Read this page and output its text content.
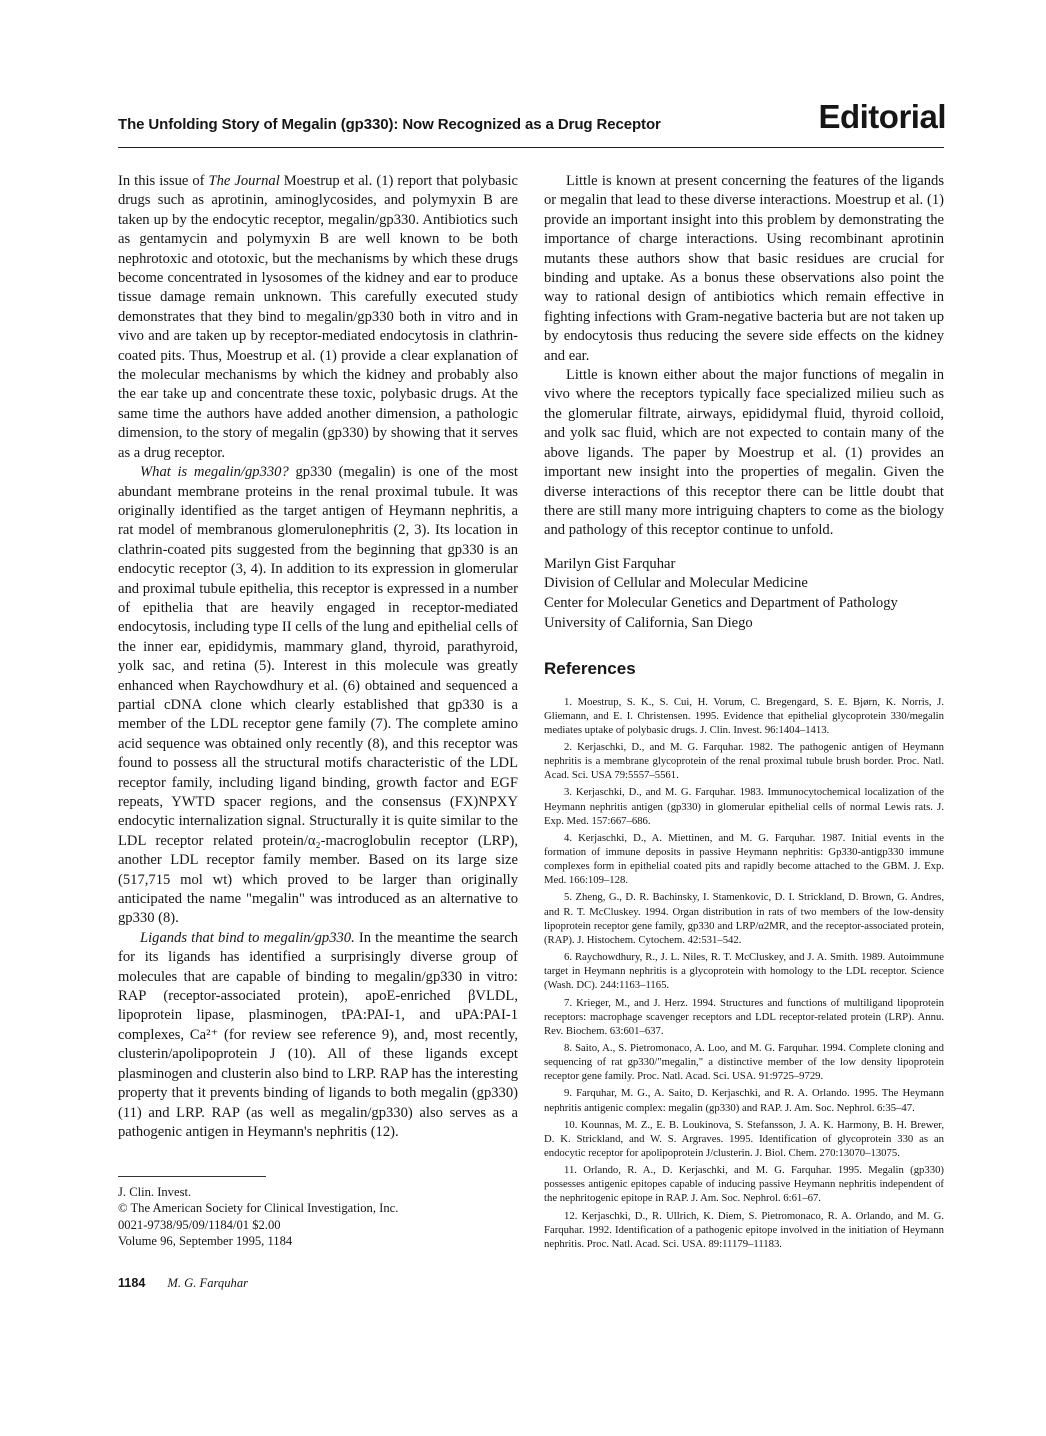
The Unfolding Story of Megalin (gp330): Now Recognized as a Drug Receptor	Editorial

In this issue of The Journal Moestrup et al. (1) report that polybasic drugs such as aprotinin, aminoglycosides, and polymyxin B are taken up by the endocytic receptor, megalin/gp330. Antibiotics such as gentamycin and polymyxin B are well known to be both nephrotoxic and ototoxic, but the mechanisms by which these drugs become concentrated in lysosomes of the kidney and ear to produce tissue damage remain unknown. This carefully executed study demonstrates that they bind to megalin/gp330 both in vitro and in vivo and are taken up by receptor-mediated endocytosis in clathrin-coated pits. Thus, Moestrup et al. (1) provide a clear explanation of the molecular mechanisms by which the kidney and probably also the ear take up and concentrate these toxic, polybasic drugs. At the same time the authors have added another dimension, a pathologic dimension, to the story of megalin (gp330) by showing that it serves as a drug receptor.

What is megalin/gp330? gp330 (megalin) is one of the most abundant membrane proteins in the renal proximal tubule. It was originally identified as the target antigen of Heymann nephritis, a rat model of membranous glomerulonephritis (2, 3). Its location in clathrin-coated pits suggested from the beginning that gp330 is an endocytic receptor (3, 4). In addition to its expression in glomerular and proximal tubule epithelia, this receptor is expressed in a number of epithelia that are heavily engaged in receptor-mediated endocytosis, including type II cells of the lung and epithelial cells of the inner ear, epididymis, mammary gland, thyroid, parathyroid, yolk sac, and retina (5). Interest in this molecule was greatly enhanced when Raychowdhury et al. (6) obtained and sequenced a partial cDNA clone which clearly established that gp330 is a member of the LDL receptor gene family (7). The complete amino acid sequence was obtained only recently (8), and this receptor was found to possess all the structural motifs characteristic of the LDL receptor family, including ligand binding, growth factor and EGF repeats, YWTD spacer regions, and the consensus (FX)NPXY endocytic internalization signal. Structurally it is quite similar to the LDL receptor related protein/α₂-macroglobulin receptor (LRP), another LDL receptor family member. Based on its large size (517,715 mol wt) which proved to be larger than originally anticipated the name "megalin" was introduced as an alternative to gp330 (8).

Ligands that bind to megalin/gp330. In the meantime the search for its ligands has identified a surprisingly diverse group of molecules that are capable of binding to megalin/gp330 in vitro: RAP (receptor-associated protein), apoE-enriched βVLDL, lipoprotein lipase, plasminogen, tPA:PAI-1, and uPA:PAI-1 complexes, Ca²⁺ (for review see reference 9), and, most recently, clusterin/apolipoprotein J (10). All of these ligands except plasminogen and clusterin also bind to LRP. RAP has the interesting property that it prevents binding of ligands to both megalin (gp330) (11) and LRP. RAP (as well as megalin/gp330) also serves as a pathogenic antigen in Heymann's nephritis (12).

Little is known at present concerning the features of the ligands or megalin that lead to these diverse interactions. Moestrup et al. (1) provide an important insight into this problem by demonstrating the importance of charge interactions. Using recombinant aprotinin mutants these authors show that basic residues are crucial for binding and uptake. As a bonus these observations also point the way to rational design of antibiotics which remain effective in fighting infections with Gram-negative bacteria but are not taken up by endocytosis thus reducing the severe side effects on the kidney and ear.

Little is known either about the major functions of megalin in vivo where the receptors typically face specialized milieu such as the glomerular filtrate, airways, epididymal fluid, thyroid colloid, and yolk sac fluid, which are not expected to contain many of the above ligands. The paper by Moestrup et al. (1) provides an important new insight into the properties of megalin. Given the diverse interactions of this receptor there can be little doubt that there are still many more intriguing chapters to come as the biology and pathology of this receptor continue to unfold.

Marilyn Gist Farquhar
Division of Cellular and Molecular Medicine
Center for Molecular Genetics and Department of Pathology
University of California, San Diego
References
1. Moestrup, S. K., S. Cui, H. Vorum, C. Bregengard, S. E. Bjørn, K. Norris, J. Gliemann, and E. I. Christensen. 1995. Evidence that epithelial glycoprotein 330/megalin mediates uptake of polybasic drugs. J. Clin. Invest. 96:1404–1413.
2. Kerjaschki, D., and M. G. Farquhar. 1982. The pathogenic antigen of Heymann nephritis is a membrane glycoprotein of the renal proximal tubule brush border. Proc. Natl. Acad. Sci. USA 79:5557–5561.
3. Kerjaschki, D., and M. G. Farquhar. 1983. Immunocytochemical localization of the Heymann nephritis antigen (gp330) in glomerular epithelial cells of normal Lewis rats. J. Exp. Med. 157:667–686.
4. Kerjaschki, D., A. Miettinen, and M. G. Farquhar. 1987. Initial events in the formation of immune deposits in passive Heymann nephritis: Gp330-antigp330 immune complexes form in epithelial coated pits and rapidly become attached to the GBM. J. Exp. Med. 166:109–128.
5. Zheng, G., D. R. Bachinsky, I. Stamenkovic, D. I. Strickland, D. Brown, G. Andres, and R. T. McCluskey. 1994. Organ distribution in rats of two members of the low-density lipoprotein receptor gene family, gp330 and LRP/α2MR, and the receptor-associated protein, (RAP). J. Histochem. Cytochem. 42:531–542.
6. Raychowdhury, R., J. L. Niles, R. T. McCluskey, and J. A. Smith. 1989. Autoimmune target in Heymann nephritis is a glycoprotein with homology to the LDL receptor. Science (Wash. DC). 244:1163–1165.
7. Krieger, M., and J. Herz. 1994. Structures and functions of multiligand lipoprotein receptors: macrophage scavenger receptors and LDL receptor-related protein (LRP). Annu. Rev. Biochem. 63:601–637.
8. Saito, A., S. Pietromonaco, A. Loo, and M. G. Farquhar. 1994. Complete cloning and sequencing of rat gp330/"megalin," a distinctive member of the low density lipoprotein receptor gene family. Proc. Natl. Acad. Sci. USA. 91:9725–9729.
9. Farquhar, M. G., A. Saito, D. Kerjaschki, and R. A. Orlando. 1995. The Heymann nephritis antigenic complex: megalin (gp330) and RAP. J. Am. Soc. Nephrol. 6:35–47.
10. Kounnas, M. Z., E. B. Loukinova, S. Stefansson, J. A. K. Harmony, B. H. Brewer, D. K. Strickland, and W. S. Argraves. 1995. Identification of glycoprotein 330 as an endocytic receptor for apolipoprotein J/clusterin. J. Biol. Chem. 270:13070–13075.
11. Orlando, R. A., D. Kerjaschki, and M. G. Farquhar. 1995. Megalin (gp330) possesses antigenic epitopes capable of inducing passive Heymann nephritis independent of the nephritogenic epitope in RAP. J. Am. Soc. Nephrol. 6:61–67.
12. Kerjaschki, D., R. Ullrich, K. Diem, S. Pietromonaco, R. A. Orlando, and M. G. Farquhar. 1992. Identification of a pathogenic epitope involved in the initiation of Heymann nephritis. Proc. Natl. Acad. Sci. USA. 89:11179–11183.
J. Clin. Invest.
© The American Society for Clinical Investigation, Inc.
0021-9738/95/09/1184/01 $2.00
Volume 96, September 1995, 1184
1184 M. G. Farquhar
